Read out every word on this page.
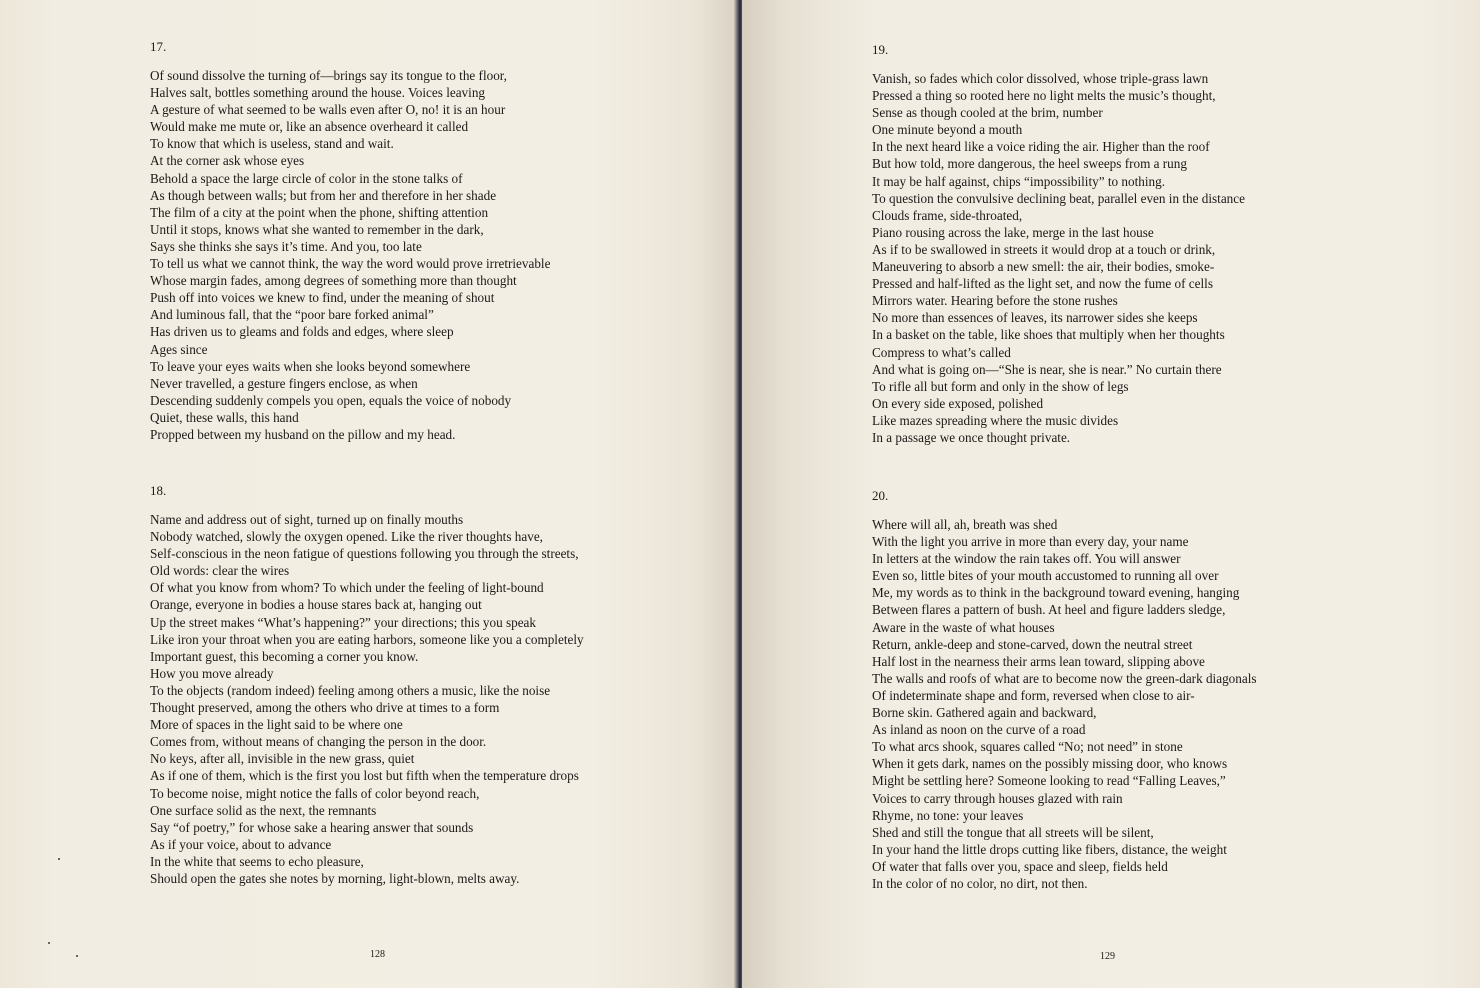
17.
Of sound dissolve the turning of—brings say its tongue to the floor,
Halves salt, bottles something around the house. Voices leaving
A gesture of what seemed to be walls even after O, no! it is an hour
Would make me mute or, like an absence overheard it called
To know that which is useless, stand and wait.
At the corner ask whose eyes
Behold a space the large circle of color in the stone talks of
As though between walls; but from her and therefore in her shade
The film of a city at the point when the phone, shifting attention
Until it stops, knows what she wanted to remember in the dark,
Says she thinks she says it’s time. And you, too late
To tell us what we cannot think, the way the word would prove irretrievable
Whose margin fades, among degrees of something more than thought
Push off into voices we knew to find, under the meaning of shout
And luminous fall, that the “poor bare forked animal”
Has driven us to gleams and folds and edges, where sleep
Ages since
To leave your eyes waits when she looks beyond somewhere
Never travelled, a gesture fingers enclose, as when
Descending suddenly compels you open, equals the voice of nobody
Quiet, these walls, this hand
Propped between my husband on the pillow and my head.
18.
Name and address out of sight, turned up on finally mouths
Nobody watched, slowly the oxygen opened. Like the river thoughts have,
Self-conscious in the neon fatigue of questions following you through the streets,
Old words: clear the wires
Of what you know from whom? To which under the feeling of light-bound
Orange, everyone in bodies a house stares back at, hanging out
Up the street makes “What’s happening?” your directions; this you speak
Like iron your throat when you are eating harbors, someone like you a completely
Important guest, this becoming a corner you know.
How you move already
To the objects (random indeed) feeling among others a music, like the noise
Thought preserved, among the others who drive at times to a form
More of spaces in the light said to be where one
Comes from, without means of changing the person in the door.
No keys, after all, invisible in the new grass, quiet
As if one of them, which is the first you lost but fifth when the temperature drops
To become noise, might notice the falls of color beyond reach,
One surface solid as the next, the remnants
Say “of poetry,” for whose sake a hearing answer that sounds
As if your voice, about to advance
In the white that seems to echo pleasure,
Should open the gates she notes by morning, light-blown, melts away.
128
19.
Vanish, so fades which color dissolved, whose triple-grass lawn
Pressed a thing so rooted here no light melts the music’s thought,
Sense as though cooled at the brim, number
One minute beyond a mouth
In the next heard like a voice riding the air. Higher than the roof
But how told, more dangerous, the heel sweeps from a rung
It may be half against, chips “impossibility” to nothing.
To question the convulsive declining beat, parallel even in the distance
Clouds frame, side-throated,
Piano rousing across the lake, merge in the last house
As if to be swallowed in streets it would drop at a touch or drink,
Maneuvering to absorb a new smell: the air, their bodies, smoke-
Pressed and half-lifted as the light set, and now the fume of cells
Mirrors water. Hearing before the stone rushes
No more than essences of leaves, its narrower sides she keeps
In a basket on the table, like shoes that multiply when her thoughts
Compress to what’s called
And what is going on—“She is near, she is near.” No curtain there
To rifle all but form and only in the show of legs
On every side exposed, polished
Like mazes spreading where the music divides
In a passage we once thought private.
20.
Where will all, ah, breath was shed
With the light you arrive in more than every day, your name
In letters at the window the rain takes off. You will answer
Even so, little bites of your mouth accustomed to running all over
Me, my words as to think in the background toward evening, hanging
Between flares a pattern of bush. At heel and figure ladders sledge,
Aware in the waste of what houses
Return, ankle-deep and stone-carved, down the neutral street
Half lost in the nearness their arms lean toward, slipping above
The walls and roofs of what are to become now the green-dark diagonals
Of indeterminate shape and form, reversed when close to air-
Borne skin. Gathered again and backward,
As inland as noon on the curve of a road
To what arcs shook, squares called “No; not need” in stone
When it gets dark, names on the possibly missing door, who knows
Might be settling here? Someone looking to read “Falling Leaves,”
Voices to carry through houses glazed with rain
Rhyme, no tone: your leaves
Shed and still the tongue that all streets will be silent,
In your hand the little drops cutting like fibers, distance, the weight
Of water that falls over you, space and sleep, fields held
In the color of no color, no dirt, not then.
129
